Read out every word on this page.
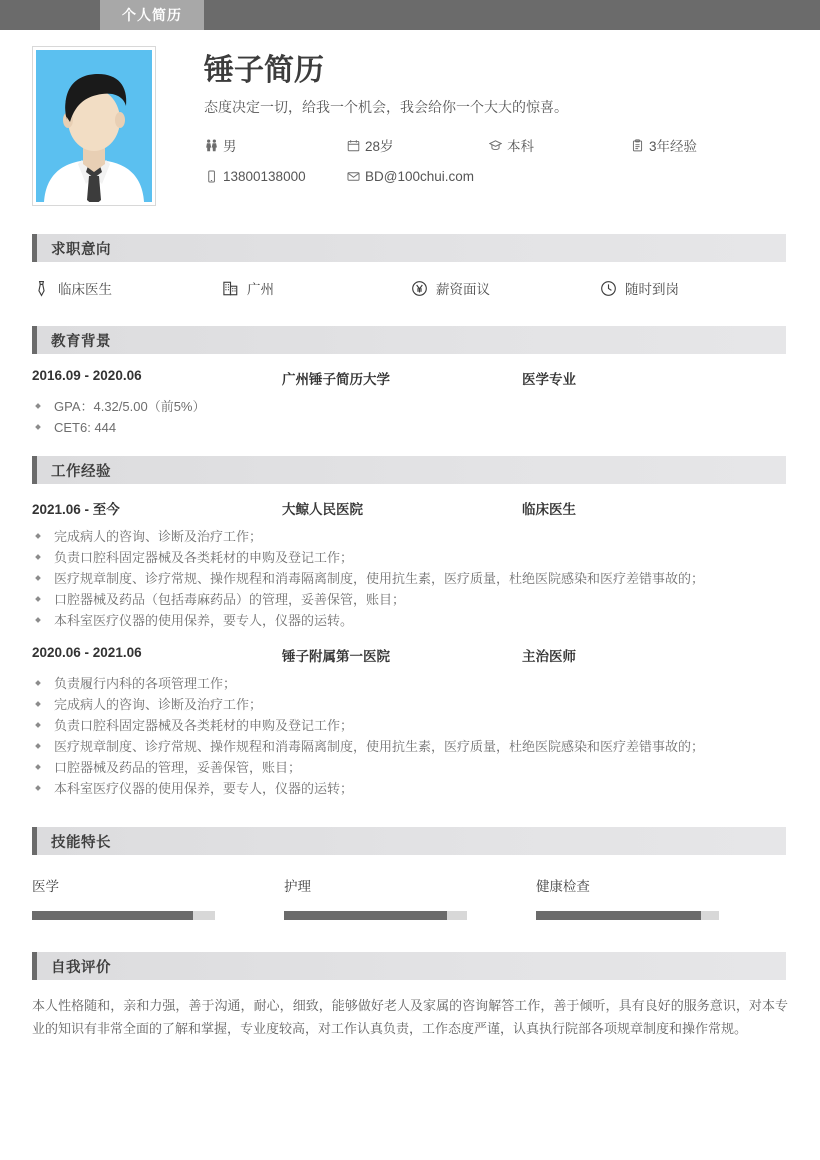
个人简历
锤子简历
态度决定一切，给我一个机会，我会给你一个大大的惊喜。
男	28岁	本科	3年经验
13800138000	BD@100chui.com
求职意向
临床医生	广州	薪资面议	随时到岗
教育背景
2016.09 - 2020.06	广州锤子简历大学	医学专业
GPA：4.32/5.00（前5%）
CET6: 444
工作经验
2021.06 - 至今	大鲸人民医院	临床医生
完成病人的咨询、诊断及治疗工作；
负责口腔科固定器械及各类耗材的申购及登记工作；
医疗规章制度、诊疗常规、操作规程和消毒隔离制度，使用抗生素，医疗质量，杜绝医院感染和医疗差错事故的；
口腔器械及药品（包括毒麻药品）的管理，妥善保管，账目；
本科室医疗仪器的使用保养，要专人，仪器的运转。
2020.06 - 2021.06	锤子附属第一医院	主治医师
负责履行内科的各项管理工作；
完成病人的咨询、诊断及治疗工作；
负责口腔科固定器械及各类耗材的申购及登记工作；
医疗规章制度、诊疗常规、操作规程和消毒隔离制度，使用抗生素，医疗质量，杜绝医院感染和医疗差错事故的；
口腔器械及药品的管理，妥善保管，账目；
本科室医疗仪器的使用保养，要专人，仪器的运转；
技能特长
医学	护理	健康检查
自我评价
本人性格随和，亲和力强，善于沟通，耐心，细致，能够做好老人及家属的咨询解答工作，善于倾听，具有良好的服务意识，对本专业的知识有非常全面的了解和掌握，专业度较高，对工作认真负责，工作态度严谨，认真执行院部各项规章制度和操作常规。
